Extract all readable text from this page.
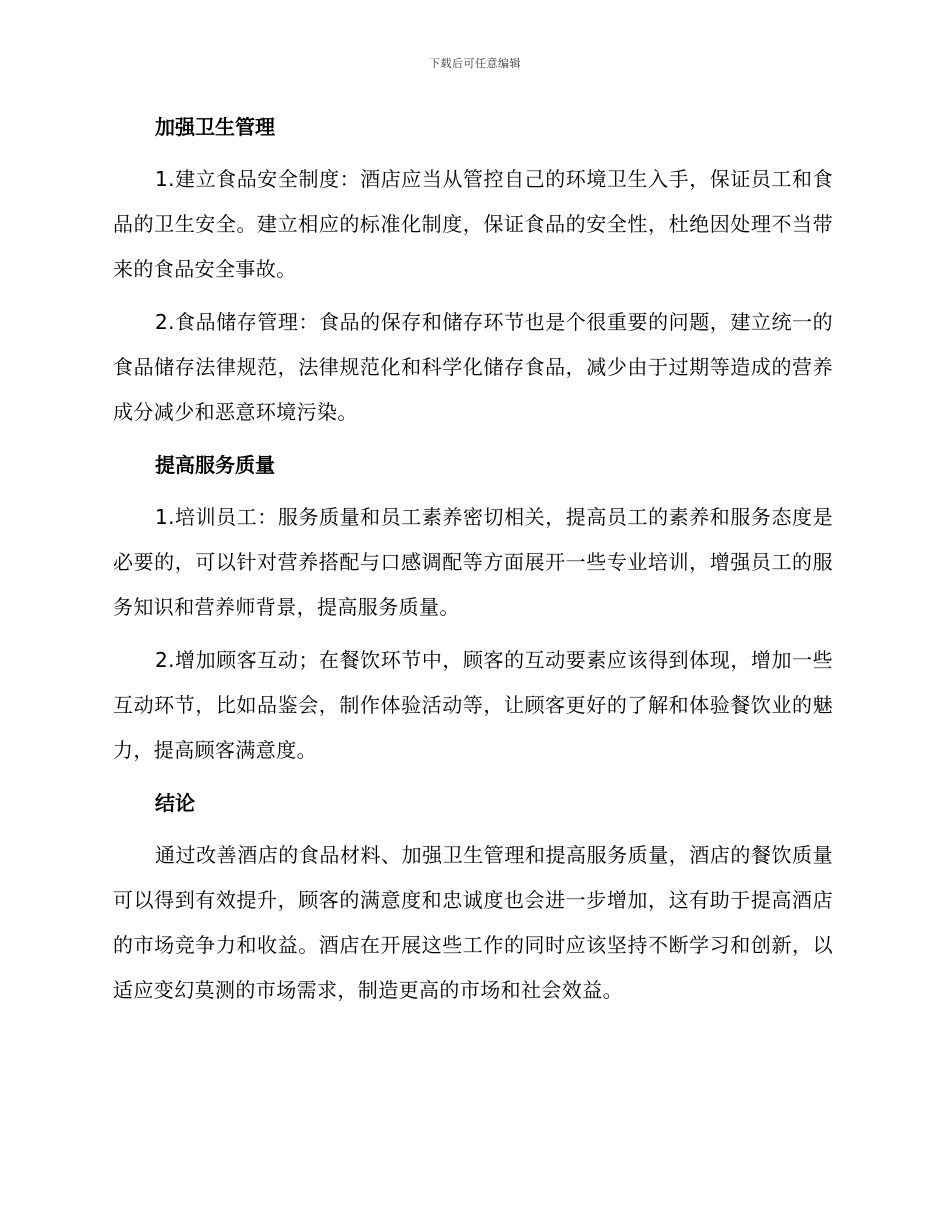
下载后可任意编辑
加强卫生管理

1.建立食品安全制度：酒店应当从管控自己的环境卫生入手，保证员工和食品的卫生安全。建立相应的标准化制度，保证食品的安全性，杜绝因处理不当带来的食品安全事故。

2.食品储存管理：食品的保存和储存环节也是个很重要的问题，建立统一的食品储存法律规范，法律规范化和科学化储存食品，减少由于过期等造成的营养成分减少和恶意环境污染。

提高服务质量

1.培训员工：服务质量和员工素养密切相关，提高员工的素养和服务态度是必要的，可以针对营养搭配与口感调配等方面展开一些专业培训，增强员工的服务知识和营养师背景，提高服务质量。

2.增加顾客互动；在餐饮环节中，顾客的互动要素应该得到体现，增加一些互动环节，比如品鉴会，制作体验活动等，让顾客更好的了解和体验餐饮业的魅力，提高顾客满意度。

结论

通过改善酒店的食品材料、加强卫生管理和提高服务质量，酒店的餐饮质量可以得到有效提升，顾客的满意度和忠诚度也会进一步增加，这有助于提高酒店的市场竞争力和收益。酒店在开展这些工作的同时应该坚持不断学习和创新，以适应变幻莫测的市场需求，制造更高的市场和社会效益。
